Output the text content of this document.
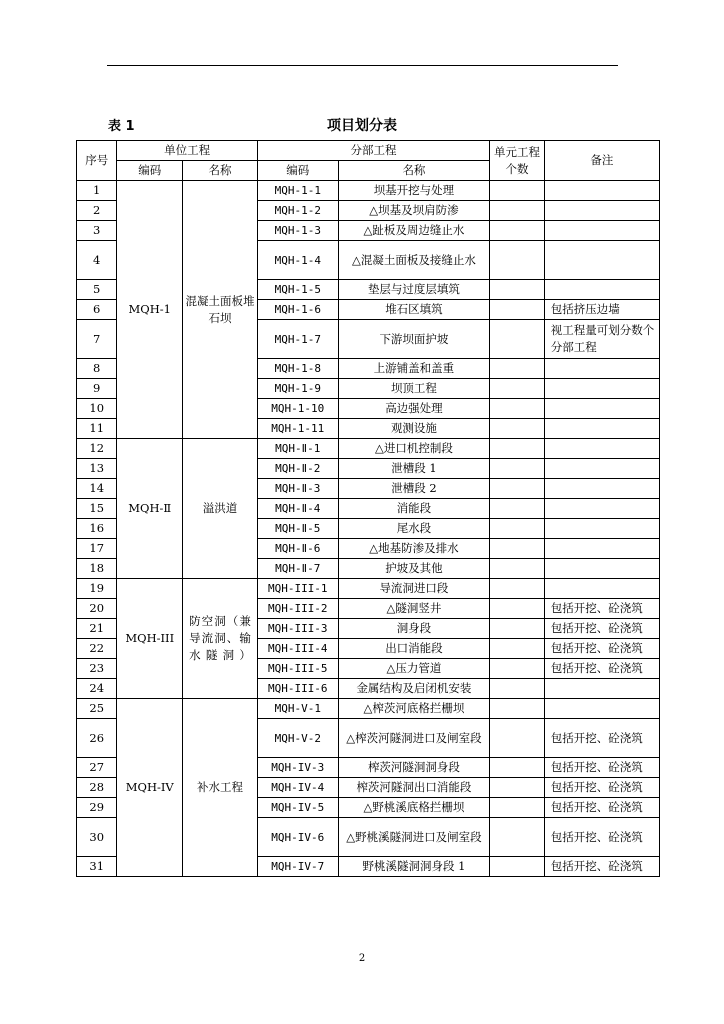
表 1	项目划分表
序号	单位工程		分部工程		单元工程个数	备注
	编码	名称	编码	名称		
1	MQH-1	混凝土面板堆石坝	MQH-1-1	坝基开挖与处理		
2			MQH-1-2	△坝基及坝肩防渗		
3			MQH-1-3	△趾板及周边缝止水		
4			MQH-1-4	△混凝土面板及接缝止水		
5			MQH-1-5	垫层与过度层填筑		
6			MQH-1-6	堆石区填筑		包括挤压边墙
7			MQH-1-7	下游坝面护坡		视工程量可划分数个分部工程
8			MQH-1-8	上游铺盖和盖重		
9			MQH-1-9	坝顶工程		
10			MQH-1-10	高边强处理		
11			MQH-1-11	观测设施		
12	MQH-Ⅱ	溢洪道	MQH-Ⅱ-1	△进口机控制段		
13			MQH-Ⅱ-2	泄槽段 1		
14			MQH-Ⅱ-3	泄槽段 2		
15			MQH-Ⅱ-4	消能段		
16			MQH-Ⅱ-5	尾水段		
17			MQH-Ⅱ-6	△地基防渗及排水		
18			MQH-Ⅱ-7	护坡及其他		
19	MQH-III	防空洞（兼导流洞、输水隧洞）	MQH-III-1	导流洞进口段		
20			MQH-III-2	△隧洞竖井		包括开挖、砼浇筑
21			MQH-III-3	洞身段		包括开挖、砼浇筑
22			MQH-III-4	出口消能段		包括开挖、砼浇筑
23			MQH-III-5	△压力管道		包括开挖、砼浇筑
24			MQH-III-6	金属结构及启闭机安装		
25	MQH-IV	补水工程	MQH-V-1	△榨茨河底格拦栅坝		
26			MQH-V-2	△榨茨河隧洞进口及闸室段		包括开挖、砼浇筑
27			MQH-IV-3	榨茨河隧洞洞身段		包括开挖、砼浇筑
28			MQH-IV-4	榨茨河隧洞出口消能段		包括开挖、砼浇筑
29			MQH-IV-5	△野桃溪底格拦栅坝		包括开挖、砼浇筑
30			MQH-IV-6	△野桃溪隧洞进口及闸室段		包括开挖、砼浇筑
31			MQH-IV-7	野桃溪隧洞洞身段 1		包括开挖、砼浇筑
2
